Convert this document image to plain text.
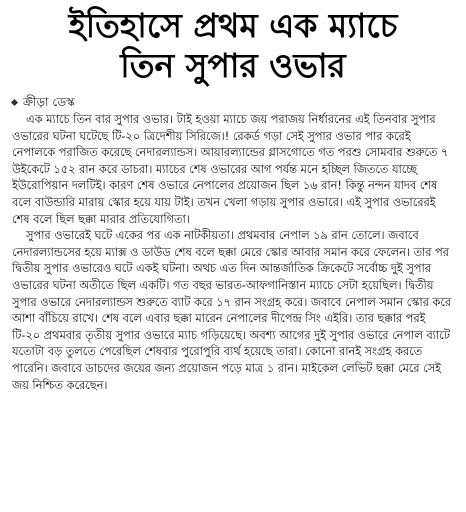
ইতিহাসে প্রথম এক ম্যাচে
তিন সুপার ওভার
ক্রীড়া ডেস্ক

এক ম্যাচে তিন বার সুপার ওভার। টাই হওয়া ম্যাচে জয় পরাজয় নির্ধারনের এই তিনবার সুপার ওভারের ঘটনা ঘটেছে টি-২০ ত্রিদেশীয় সিরিজে।! রেকর্ড গড়া সেই সুপার ওভার পার করেই নেপালকে পরাজিত করেছে নেদারল্যান্ডস। আয়ারল্যান্ডের গ্লাসগোতে গত পরশু সোমবার শুরুতে ৭ উইকেটে ১৫২ রান করে ডাচরা। ম্যাচের শেষ ওভারের আগ পর্যন্ত মনে হচ্ছিল জিততে যাচ্ছে ইউরোপিয়ান দলটিই। কারণ শেষ ওভারে নেপালের প্রয়োজন ছিল ১৬ রান! কিন্তু নন্দন যাদব শেষ বলে বাউন্ডারি মারায় স্কোর হয়ে যায় টাই। তখন খেলা গড়ায় সুপার ওভারে। এই সুপার ওভারেরই শেষ বলে ছিল ছক্কা মারার প্রতিযোগিতা।

সুপার ওভারেই ঘটে একের পর এক নাটকীয়তা। প্রথমবার নেপাল ১৯ রান তোলে। জবাবে নেদারল্যান্ডসের হয়ে ম্যাক্স ও ডাউড শেষ বলে ছক্কা মেরে স্কোর আবার সমান করে ফেলেন। তার পর দ্বিতীয় সুপার ওভারেও ঘটে একই ঘটনা। অথচ এত দিন আন্তর্জাতিক ক্রিকেটে সর্বোচ্চ দুই সুপার ওভারের ঘটনা অতীতে ছিল একটি। গত বছর ভারত-আফগানিস্তান ম্যাচে সেটা হয়েছিল। দ্বিতীয় সুপার ওভারে নেদারল্যান্ডস শুরুতে ব্যাট করে ১৭ রান সংগ্রহ করে। জবাবে নেপাল সমান স্কোর করে আশা বাঁচিয়ে রাখে। শেষ বলে এবার ছক্কা মারেন নেপালের দীপেন্দ্র সিং এইরি। তার ছক্কার পরই টি-২০ প্রথমবার তৃতীয় সুপার ওভারে ম্যাচ গড়িয়েছে। অবশ্য আগের দুই সুপার ওভারে নেপাল ব্যাটে যতোটা বড় তুলতে পেরেছিল শেষবার পুরোপুরি ব্যর্থ হয়েছে তারা। কোনো রানই সংগ্রহ করতে পারেনি। জবাবে ডাচদের জয়ের জন্য প্রয়োজন পড়ে মাত্র ১ রান। মাইকেল লেভিট ছক্কা মেরে সেই জয় নিশ্চিত করেছেন।
